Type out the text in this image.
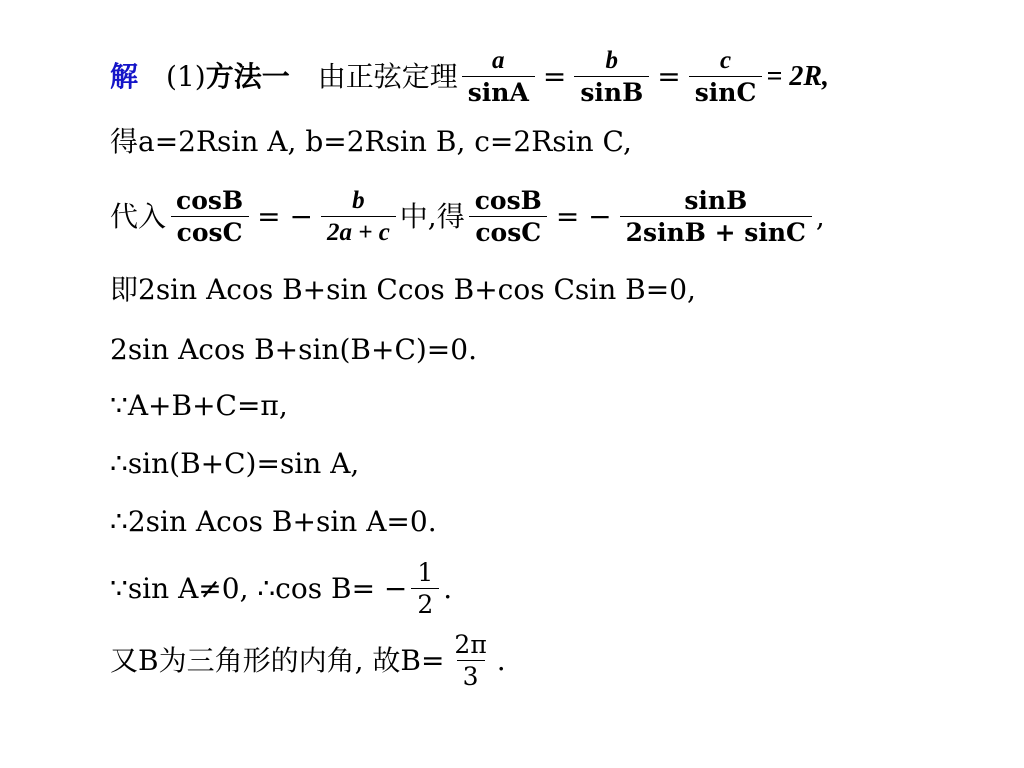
解 (1) 方法一 由正弦定理 $\frac{a}{\sin A} = \frac{b}{\sin B} = \frac{c}{\sin C} = 2R$,
得a=2Rsin A, b=2Rsin B, c=2Rsin C,
代入 $\frac{\cos B}{\cos C}$ = − $\frac{b}{2a + c}$ 中,得 $\frac{\cos B}{\cos C}$ = − $\frac{\sin B}{2\sin B + \sin C}$ ,
即2sin Acos B+sin Ccos B+cos Csin B=0,
2sin Acos B+sin(B+C)=0.
∵A+B+C=π,
∴sin(B+C)=sin A,
∴2sin Acos B+sin A=0.
∵sin A≠0, ∴cos $B= - \frac{1}{2}$ .
又B为三角形的内角, 故$B= \frac{2\pi}{3}$ .
